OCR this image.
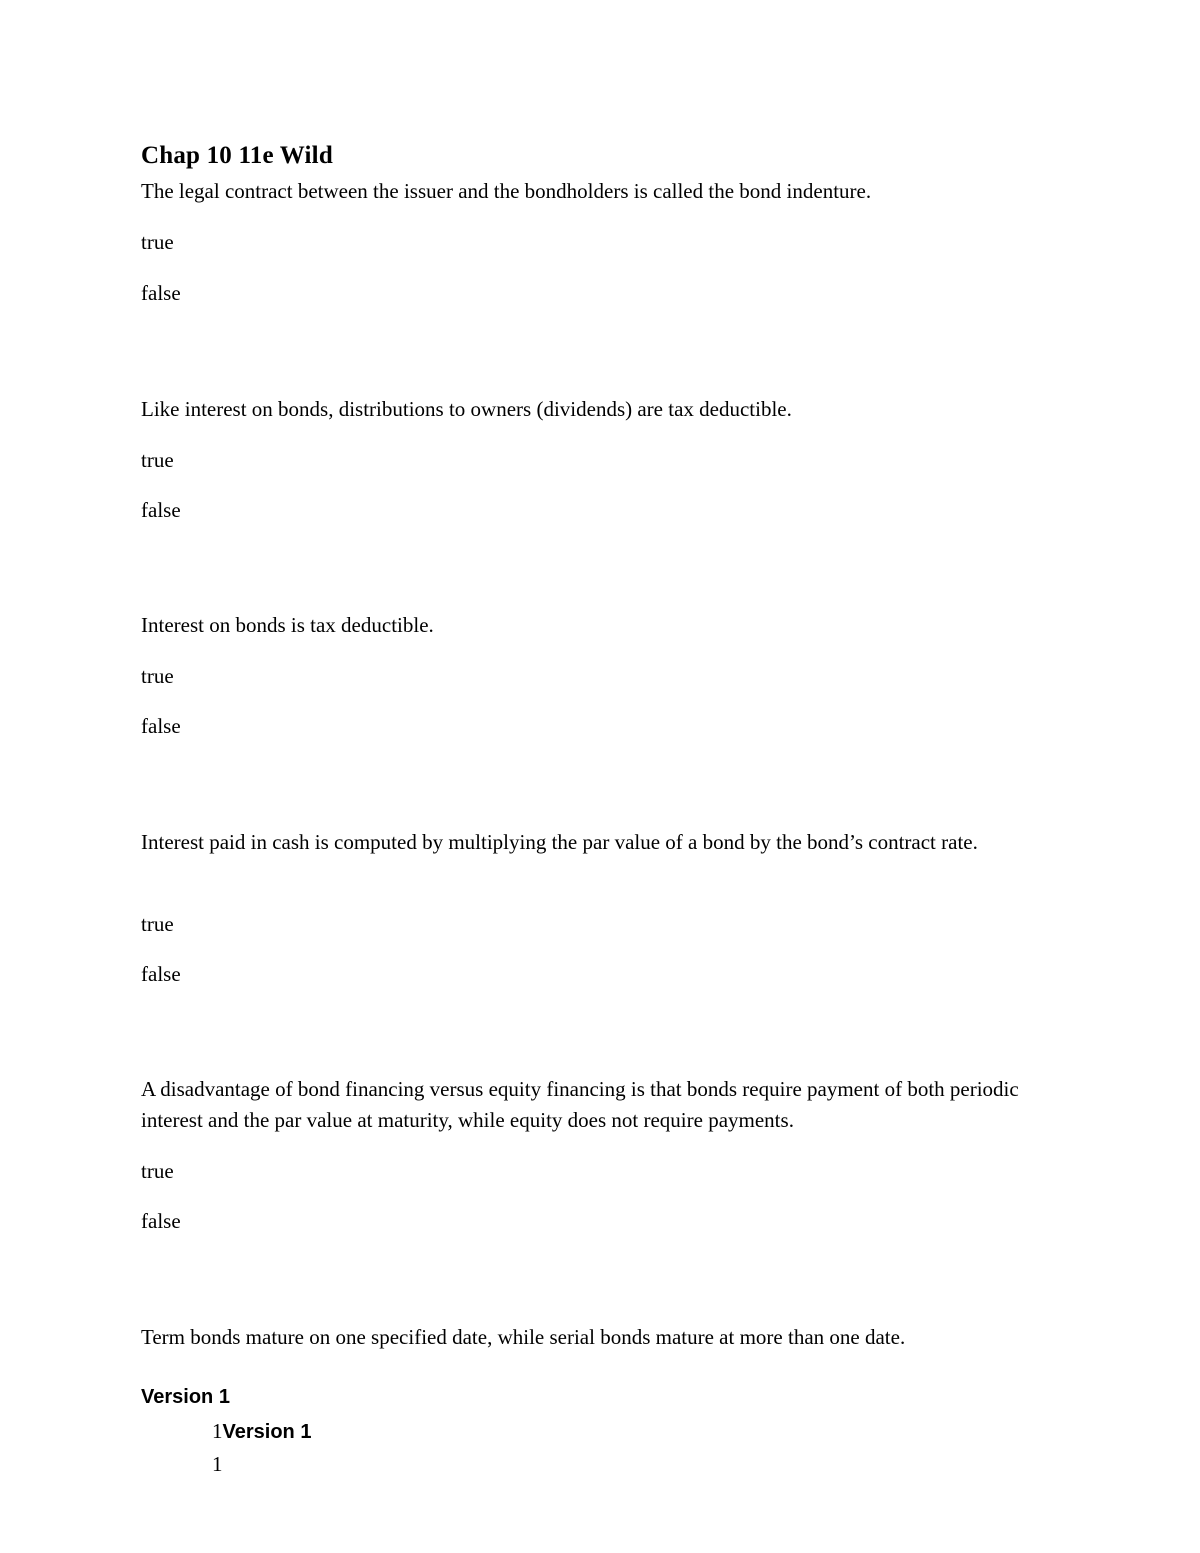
Chap 10 11e Wild
The legal contract between the issuer and the bondholders is called the bond indenture.
true
false
Like interest on bonds, distributions to owners (dividends) are tax deductible.
true
false
Interest on bonds is tax deductible.
true
false
Interest paid in cash is computed by multiplying the par value of a bond by the bond’s contract rate.
true
false
A disadvantage of bond financing versus equity financing is that bonds require payment of both periodic interest and the par value at maturity, while equity does not require payments.
true
false
Term bonds mature on one specified date, while serial bonds mature at more than one date.
Version 1
1Version 1
1
